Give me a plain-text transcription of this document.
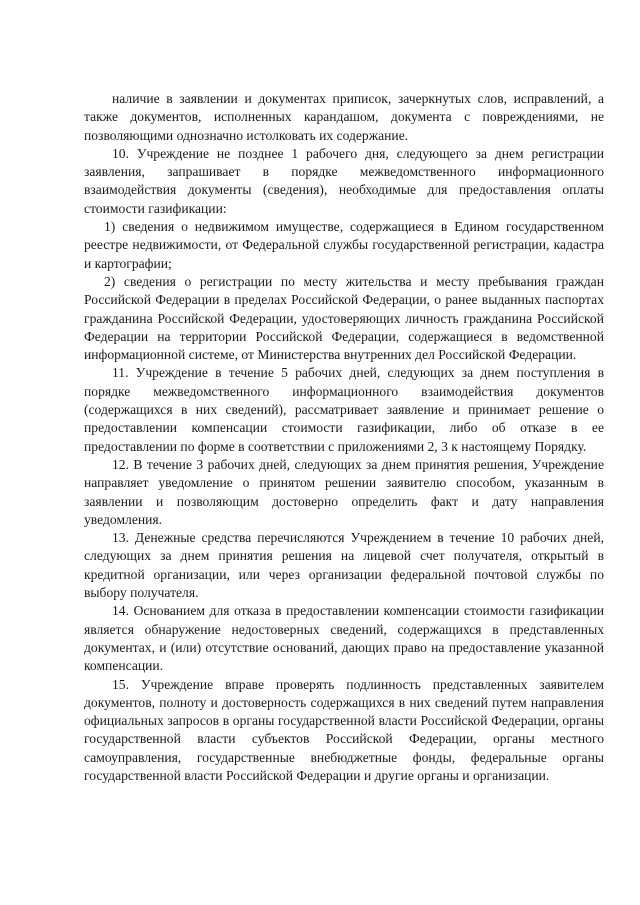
наличие в заявлении и документах приписок, зачеркнутых слов, исправлений, а также документов, исполненных карандашом, документа с повреждениями, не позволяющими однозначно истолковать их содержание.

10. Учреждение не позднее 1 рабочего дня, следующего за днем регистрации заявления, запрашивает в порядке межведомственного информационного взаимодействия документы (сведения), необходимые для предоставления оплаты стоимости газификации:

1) сведения о недвижимом имуществе, содержащиеся в Едином государственном реестре недвижимости, от Федеральной службы государственной регистрации, кадастра и картографии;

2) сведения о регистрации по месту жительства и месту пребывания граждан Российской Федерации в пределах Российской Федерации, о ранее выданных паспортах гражданина Российской Федерации, удостоверяющих личность гражданина Российской Федерации на территории Российской Федерации, содержащиеся в ведомственной информационной системе, от Министерства внутренних дел Российской Федерации.

11. Учреждение в течение 5 рабочих дней, следующих за днем поступления в порядке межведомственного информационного взаимодействия документов (содержащихся в них сведений), рассматривает заявление и принимает решение о предоставлении компенсации стоимости газификации, либо об отказе в ее предоставлении по форме в соответствии с приложениями 2, 3 к настоящему Порядку.

12. В течение 3 рабочих дней, следующих за днем принятия решения, Учреждение направляет уведомление о принятом решении заявителю способом, указанным в заявлении и позволяющим достоверно определить факт и дату направления уведомления.

13. Денежные средства перечисляются Учреждением в течение 10 рабочих дней, следующих за днем принятия решения на лицевой счет получателя, открытый в кредитной организации, или через организации федеральной почтовой службы по выбору получателя.

14. Основанием для отказа в предоставлении компенсации стоимости газификации является обнаружение недостоверных сведений, содержащихся в представленных документах, и (или) отсутствие оснований, дающих право на предоставление указанной компенсации.

15. Учреждение вправе проверять подлинность представленных заявителем документов, полноту и достоверность содержащихся в них сведений путем направления официальных запросов в органы государственной власти Российской Федерации, органы государственной власти субъектов Российской Федерации, органы местного самоуправления, государственные внебюджетные фонды, федеральные органы государственной власти Российской Федерации и другие органы и организации.
